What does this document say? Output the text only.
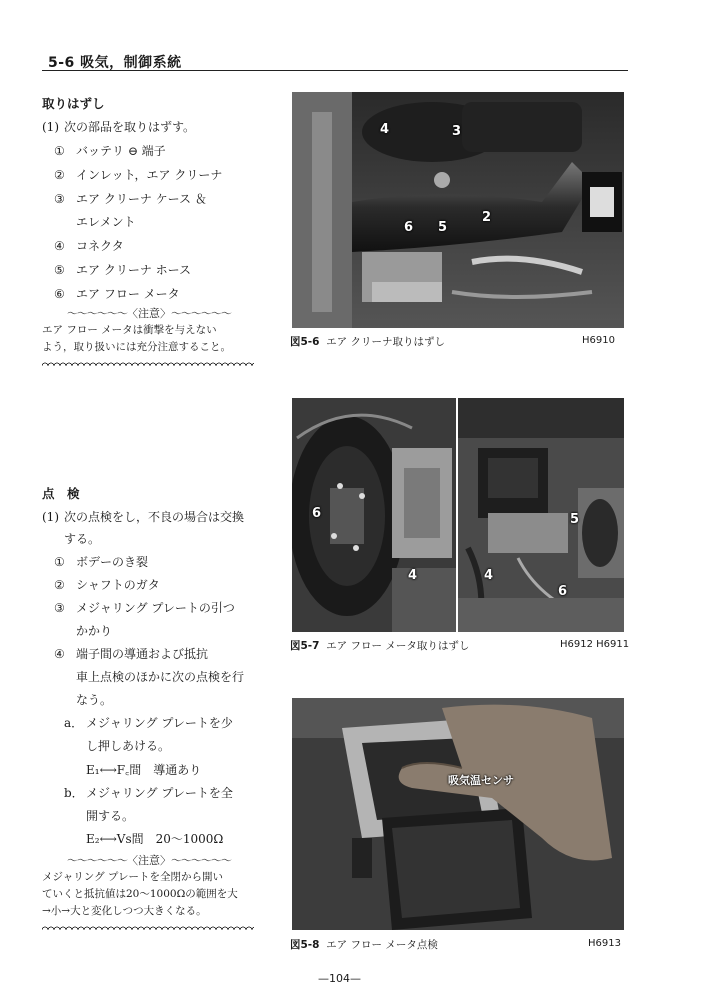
5-6 吸気，制御系統
取りはずし
(1) 次の部品を取りはずす。
① バッテリ ⊖ 端子
② インレット，エア クリーナ
③ エア クリーナ ケース ＆
エレメント
④ コネクタ
⑤ エア クリーナ ホース
⑥ エア フロー メータ
〜〜〜〜〜〜〈注意〉〜〜〜〜〜〜
エア フロー メータは衝撃を与えない
よう，取り扱いには充分注意すること。
点　検
(1) 次の点検をし，不良の場合は交換
する。
① ボデーのき裂
② シャフトのガタ
③ メジャリング プレートの引つ
かかり
④ 端子間の導通および抵抗
車上点検のほかに次の点検を行
なう。
a． メジャリング プレートを少
し押しあける。
E₁⟷F꜀間　導通あり
b． メジャリング プレートを全
開する。
E₂⟷Vs間　20～1000Ω
〜〜〜〜〜〜〈注意〉〜〜〜〜〜〜
メジャリング プレートを全閉から開い
ていくと抵抗値は20～1000Ωの範囲を大
→小→大と変化しつつ大きくなる。
4	3
2
6 5
図5-6 エア クリーナ取りはずし	H6910
6
4
5
6
4
図5-7 エア フロー メータ取りはずし	H6912 H6911
吸気温センサ
図5-8 エア フロー メータ点検	H6913
—104—
